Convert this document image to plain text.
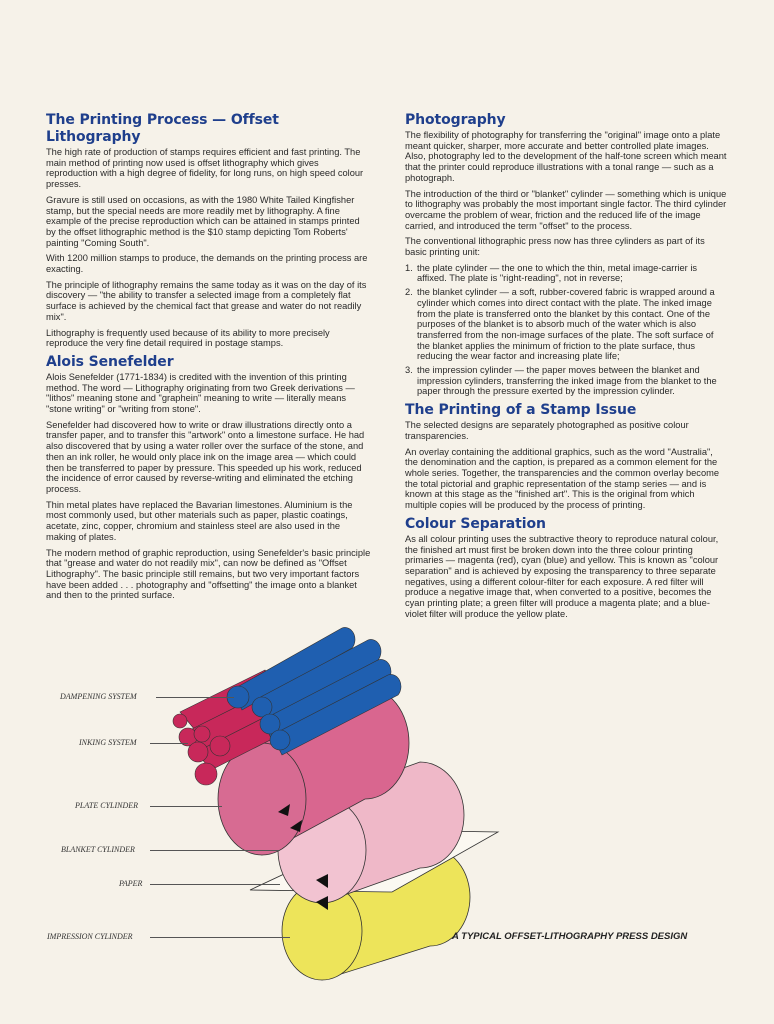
The Printing Process — Offset Lithography

The high rate of production of stamps requires efficient and fast printing. The main method of printing now used is offset lithography which gives reproduction with a high degree of fidelity, for long runs, on high speed colour presses.

Gravure is still used on occasions, as with the 1980 White Tailed Kingfisher stamp, but the special needs are more readily met by lithography. A fine example of the precise reproduction which can be attained in stamps printed by the offset lithographic method is the $10 stamp depicting Tom Roberts' painting "Coming South".

With 1200 million stamps to produce, the demands on the printing process are exacting.

The principle of lithography remains the same today as it was on the day of its discovery — "the ability to transfer a selected image from a completely flat surface is achieved by the chemical fact that grease and water do not readily mix".

Lithography is frequently used because of its ability to more precisely reproduce the very fine detail required in postage stamps.

Alois Senefelder

Alois Senefelder (1771-1834) is credited with the invention of this printing method. The word — Lithography originating from two Greek derivations — "lithos" meaning stone and "graphein" meaning to write — literally means "stone writing" or "writing from stone".

Senefelder had discovered how to write or draw illustrations directly onto a transfer paper, and to transfer this "artwork" onto a limestone surface. He had also discovered that by using a water roller over the surface of the stone, and then an ink roller, he would only place ink on the image area — which could then be transferred to paper by pressure. This speeded up his work, reduced the incidence of error caused by reverse-writing and eliminated the etching process.

Thin metal plates have replaced the Bavarian limestones. Aluminium is the most commonly used, but other materials such as paper, plastic coatings, acetate, zinc, copper, chromium and stainless steel are also used in the making of plates.

The modern method of graphic reproduction, using Senefelder's basic principle that "grease and water do not readily mix", can now be defined as "Offset Lithography". The basic principle still remains, but two very important factors have been added . . . photography and "offsetting" the image onto a blanket and then to the printed surface.

Photography

The flexibility of photography for transferring the "original" image onto a plate meant quicker, sharper, more accurate and better controlled plate images. Also, photography led to the development of the half-tone screen which meant that the printer could reproduce illustrations with a tonal range — such as a photograph.

The introduction of the third or "blanket" cylinder — something which is unique to lithography was probably the most important single factor. The third cylinder overcame the problem of wear, friction and the reduced life of the image carried, and introduced the term "offset" to the process.

The conventional lithographic press now has three cylinders as part of its basic printing unit:

1. the plate cylinder — the one to which the thin, metal image-carrier is affixed. The plate is "right-reading", not in reverse;
2. the blanket cylinder — a soft, rubber-covered fabric is wrapped around a cylinder which comes into direct contact with the plate. The inked image from the plate is transferred onto the blanket by this contact. One of the purposes of the blanket is to absorb much of the water which is also transferred from the non-image surfaces of the plate. The soft surface of the blanket applies the minimum of friction to the plate surface, thus reducing the wear factor and increasing plate life;
3. the impression cylinder — the paper moves between the blanket and impression cylinders, transferring the inked image from the blanket to the paper through the pressure exerted by the impression cylinder.
The Printing of a Stamp Issue

The selected designs are separately photographed as positive colour transparencies.

An overlay containing the additional graphics, such as the word "Australia", the denomination and the caption, is prepared as a common element for the whole series. Together, the transparencies and the common overlay become the total pictorial and graphic representation of the stamp series — and is known at this stage as the "finished art". This is the original from which multiple copies will be produced by the process of printing.

Colour Separation

As all colour printing uses the subtractive theory to reproduce natural colour, the finished art must first be broken down into the three colour printing primaries — magenta (red), cyan (blue) and yellow. This is known as "colour separation" and is achieved by exposing the transparency to three separate negatives, using a different colour-filter for each exposure. A red filter will produce a negative image that, when converted to a positive, becomes the cyan printing plate; a green filter will produce a magenta plate; and a blue-violet filter will produce the yellow plate.

DAMPENING SYSTEM
INKING SYSTEM
PLATE CYLINDER
BLANKET CYLINDER
PAPER
IMPRESSION CYLINDER	A TYPICAL OFFSET-LITHOGRAPHY PRESS DESIGN
